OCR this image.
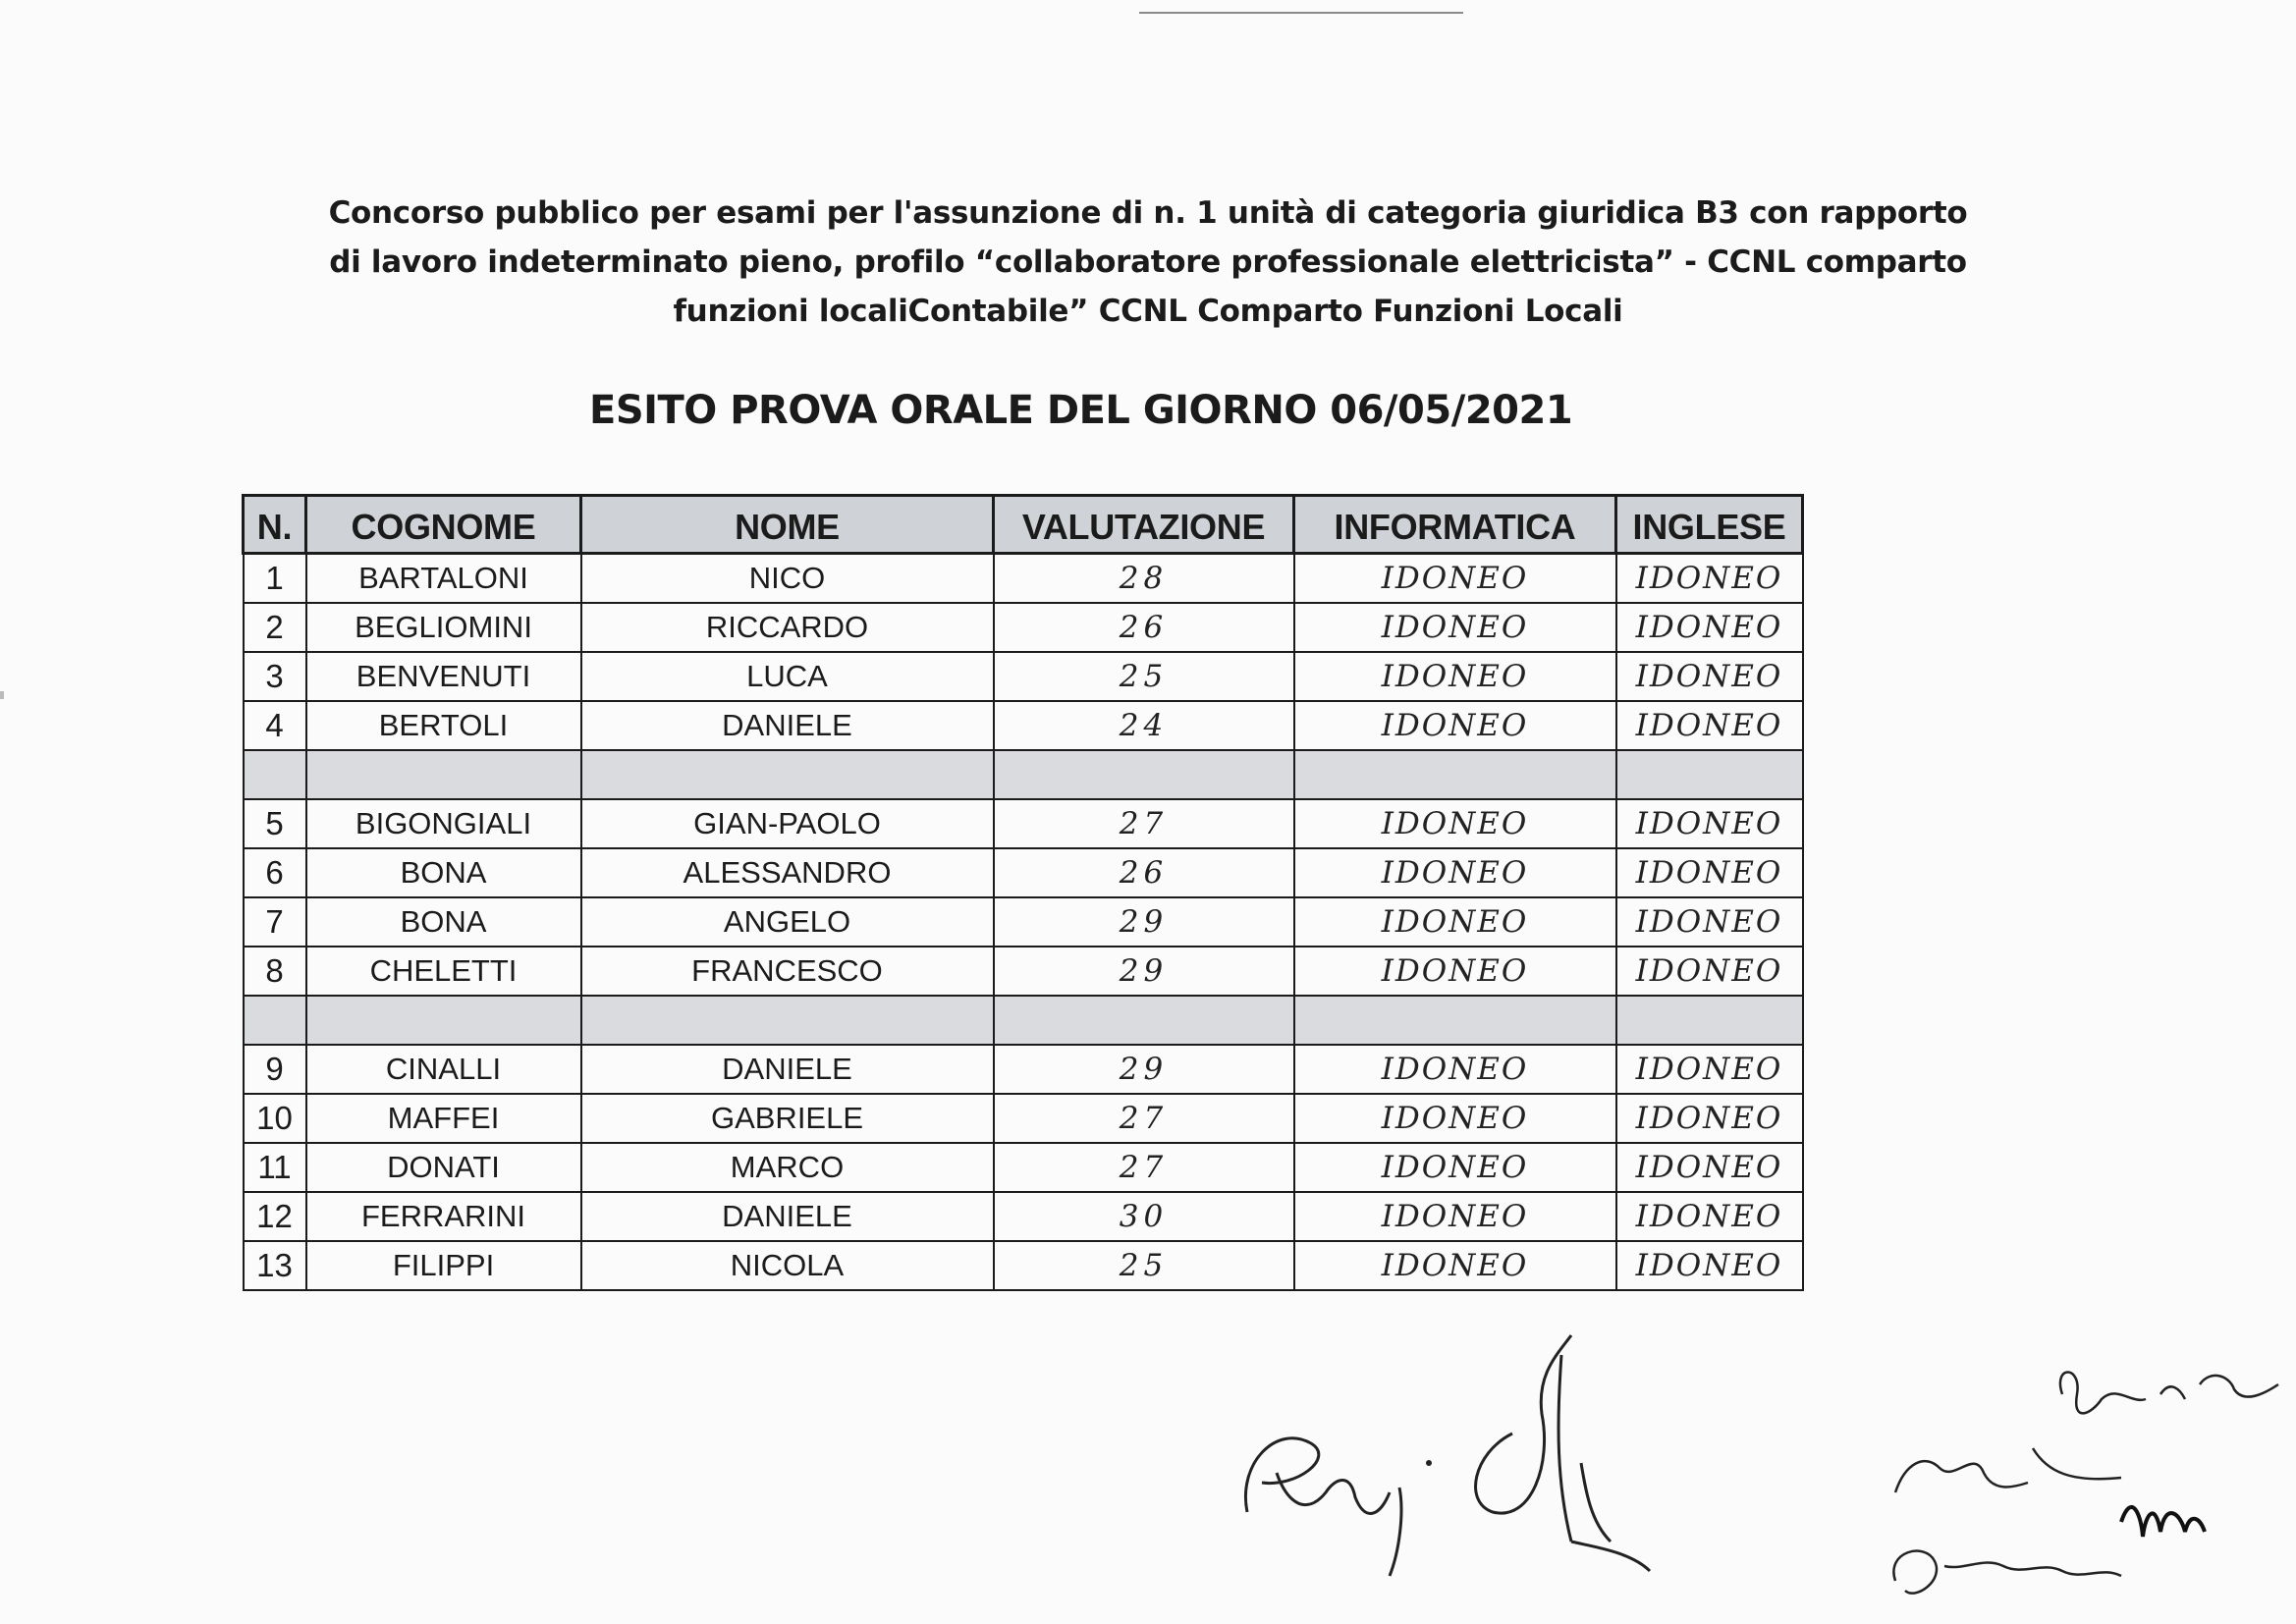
Concorso pubblico per esami per l'assunzione di n. 1 unità di categoria giuridica B3 con rapporto
di lavoro indeterminato pieno, profilo “collaboratore professionale elettricista” - CCNL comparto
funzioni localiContabile” CCNL Comparto Funzioni Locali
ESITO PROVA ORALE DEL GIORNO 06/05/2021
N.	COGNOME	NOME	VALUTAZIONE	INFORMATICA	INGLESE
1	BARTALONI	NICO	28	IDONEO	IDONEO
2	BEGLIOMINI	RICCARDO	26	IDONEO	IDONEO
3	BENVENUTI	LUCA	25	IDONEO	IDONEO
4	BERTOLI	DANIELE	24	IDONEO	IDONEO

5	BIGONGIALI	GIAN-PAOLO	27	IDONEO	IDONEO
6	BONA	ALESSANDRO	26	IDONEO	IDONEO
7	BONA	ANGELO	29	IDONEO	IDONEO
8	CHELETTI	FRANCESCO	29	IDONEO	IDONEO

9	CINALLI	DANIELE	29	IDONEO	IDONEO
10	MAFFEI	GABRIELE	27	IDONEO	IDONEO
11	DONATI	MARCO	27	IDONEO	IDONEO
12	FERRARINI	DANIELE	30	IDONEO	IDONEO
13	FILIPPI	NICOLA	25	IDONEO	IDONEO
